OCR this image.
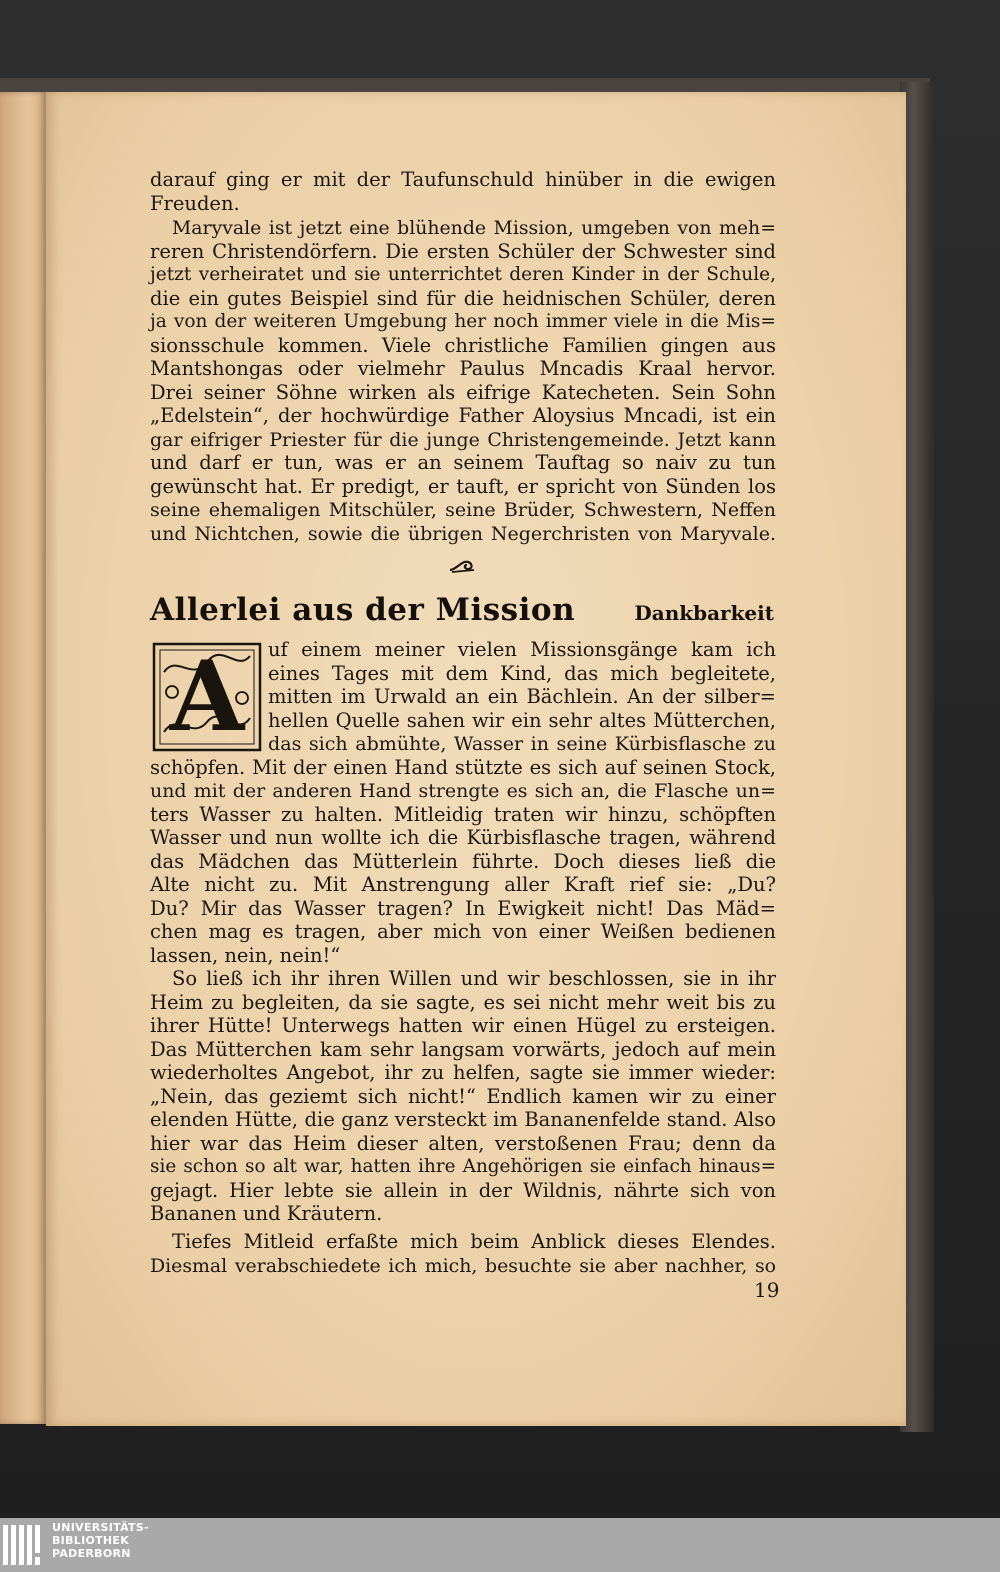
darauf ging er mit der Taufunschuld hinüber in die ewigen
Freuden.
Maryvale ist jetzt eine blühende Mission, umgeben von meh=
reren Christendörfern. Die ersten Schüler der Schwester sind
jetzt verheiratet und sie unterrichtet deren Kinder in der Schule,
die ein gutes Beispiel sind für die heidnischen Schüler, deren
ja von der weiteren Umgebung her noch immer viele in die Mis=
sionsschule kommen. Viele christliche Familien gingen aus
Mantshongas oder vielmehr Paulus Mncadis Kraal hervor.
Drei seiner Söhne wirken als eifrige Katecheten. Sein Sohn
„Edelstein“, der hochwürdige Father Aloysius Mncadi, ist ein
gar eifriger Priester für die junge Christengemeinde. Jetzt kann
und darf er tun, was er an seinem Tauftag so naiv zu tun
gewünscht hat. Er predigt, er tauft, er spricht von Sünden los
seine ehemaligen Mitschüler, seine Brüder, Schwestern, Neffen
und Nichtchen, sowie die übrigen Negerchristen von Maryvale.
Allerlei aus der Mission	Dankbarkeit
A	uf einem meiner vielen Missionsgänge kam ich
eines Tages mit dem Kind, das mich begleitete,
mitten im Urwald an ein Bächlein. An der silber=
hellen Quelle sahen wir ein sehr altes Mütterchen,
das sich abmühte, Wasser in seine Kürbisflasche zu
schöpfen. Mit der einen Hand stützte es sich auf seinen Stock,
und mit der anderen Hand strengte es sich an, die Flasche un=
ters Wasser zu halten. Mitleidig traten wir hinzu, schöpften
Wasser und nun wollte ich die Kürbisflasche tragen, während
das Mädchen das Mütterlein führte. Doch dieses ließ die
Alte nicht zu. Mit Anstrengung aller Kraft rief sie: „Du?
Du? Mir das Wasser tragen? In Ewigkeit nicht! Das Mäd=
chen mag es tragen, aber mich von einer Weißen bedienen
lassen, nein, nein!“
So ließ ich ihr ihren Willen und wir beschlossen, sie in ihr
Heim zu begleiten, da sie sagte, es sei nicht mehr weit bis zu
ihrer Hütte! Unterwegs hatten wir einen Hügel zu ersteigen.
Das Mütterchen kam sehr langsam vorwärts, jedoch auf mein
wiederholtes Angebot, ihr zu helfen, sagte sie immer wieder:
„Nein, das geziemt sich nicht!“ Endlich kamen wir zu einer
elenden Hütte, die ganz versteckt im Bananenfelde stand. Also
hier war das Heim dieser alten, verstoßenen Frau; denn da
sie schon so alt war, hatten ihre Angehörigen sie einfach hinaus=
gejagt. Hier lebte sie allein in der Wildnis, nährte sich von
Bananen und Kräutern.
Tiefes Mitleid erfaßte mich beim Anblick dieses Elendes.
Diesmal verabschiedete ich mich, besuchte sie aber nachher, so
19
UNIVERSITÄTS-
BIBLIOTHEK
PADERBORN
